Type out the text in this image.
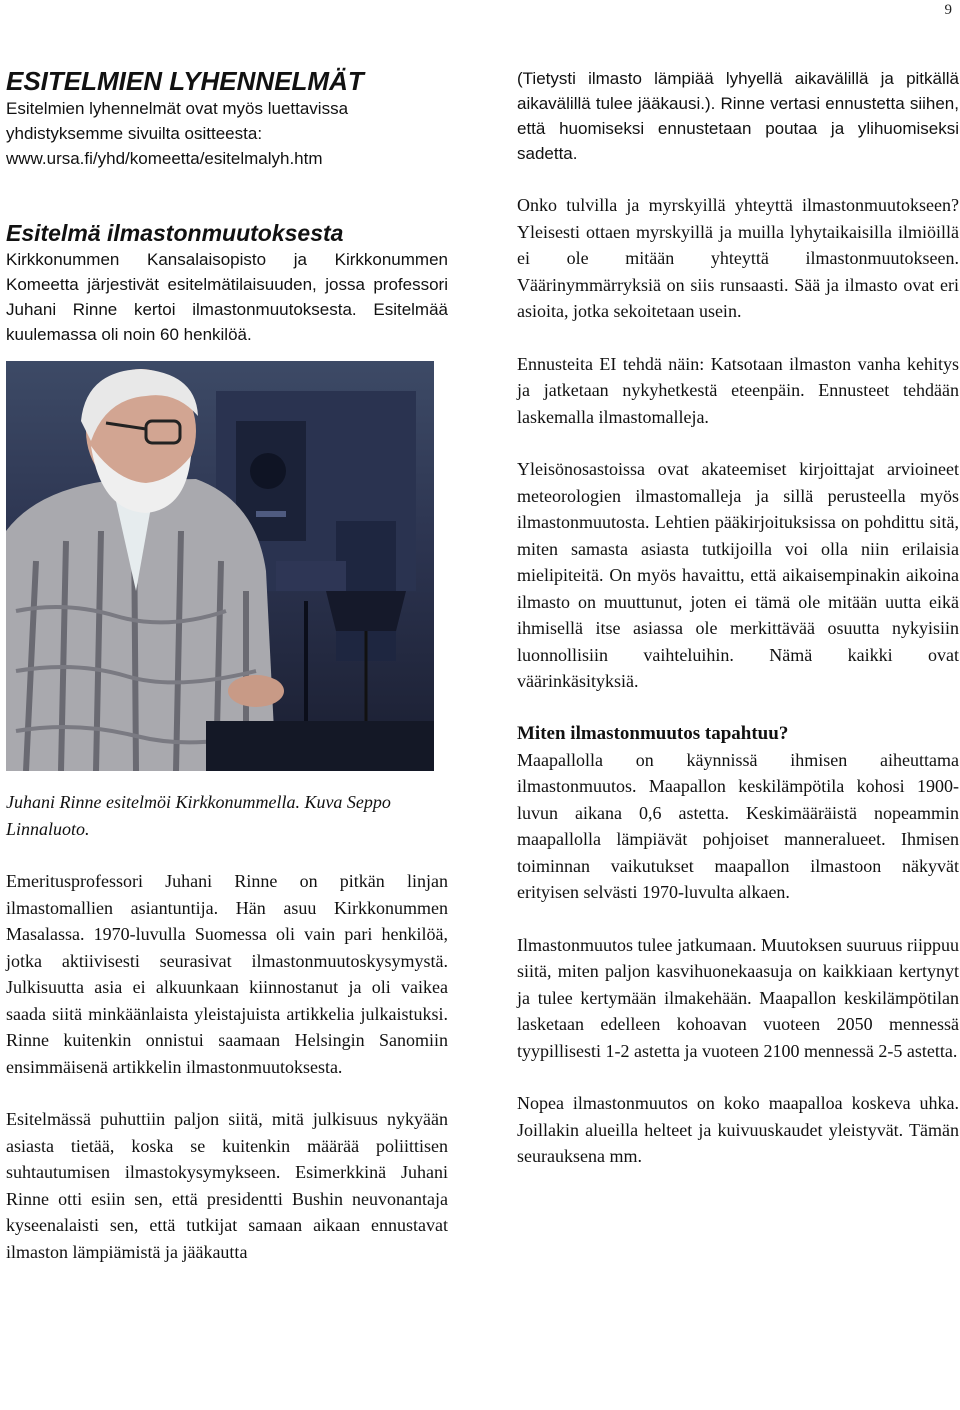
9
ESITELMIEN LYHENNELMÄT

Esitelmien lyhennelmät ovat myös luettavissa

yhdistyksemme sivuilta ositteesta:

www.ursa.fi/yhd/komeetta/esitelmalyh.htm

Esitelmä ilmastonmuutoksesta

Kirkkonummen Kansalaisopisto ja Kirkkonummen Komeetta järjestivät esitelmätilaisuuden, jossa professori Juhani Rinne kertoi ilmastonmuutoksesta. Esitelmää kuulemassa oli noin 60 henkilöä.

Juhani Rinne esitelmöi Kirkkonummella. Kuva Seppo Linnaluoto.

Emeritusprofessori Juhani Rinne on pitkän linjan ilmastomallien asiantuntija. Hän asuu Kirkkonummen Masalassa. 1970-luvulla Suomessa oli vain pari henkilöä, jotka aktiivisesti seurasivat ilmastonmuutoskysymystä. Julkisuutta asia ei alkuunkaan kiinnostanut ja oli vaikea saada siitä minkäänlaista yleistajuista artikkelia julkaistuksi. Rinne kuitenkin onnistui saamaan Helsingin Sanomiin ensimmäisenä artikkelin ilmastonmuutoksesta.

Esitelmässä puhuttiin paljon siitä, mitä julkisuus nykyään asiasta tietää, koska se kuitenkin määrää poliittisen suhtautumisen ilmastokysymykseen. Esimerkkinä Juhani Rinne otti esiin sen, että presidentti Bushin neuvonantaja kyseenalaisti sen, että tutkijat samaan aikaan ennustavat ilmaston lämpiämistä ja jääkautta

(Tietysti ilmasto lämpiää lyhyellä aikavälillä ja pitkällä aikavälillä tulee jääkausi.). Rinne vertasi ennustetta siihen, että huomiseksi ennustetaan poutaa ja ylihuomiseksi sadetta.

Onko tulvilla ja myrskyillä yhteyttä ilmastonmuutokseen? Yleisesti ottaen myrskyillä ja muilla lyhytaikaisilla ilmiöillä ei ole mitään yhteyttä ilmastonmuutokseen. Väärinymmärryksiä on siis runsaasti. Sää ja ilmasto ovat eri asioita, jotka sekoitetaan usein.

Ennusteita EI tehdä näin: Katsotaan ilmaston vanha kehitys ja jatketaan nykyhetkestä eteenpäin. Ennusteet tehdään laskemalla ilmastomalleja.

Yleisönosastoissa ovat akateemiset kirjoittajat arvioineet meteorologien ilmastomalleja ja sillä perusteella myös ilmastonmuutosta. Lehtien pääkirjoituksissa on pohdittu sitä, miten samasta asiasta tutkijoilla voi olla niin erilaisia mielipiteitä. On myös havaittu, että aikaisempinakin aikoina ilmasto on muuttunut, joten ei tämä ole mitään uutta eikä ihmisellä itse asiassa ole merkittävää osuutta nykyisiin luonnollisiin vaihteluihin. Nämä kaikki ovat väärinkäsityksiä.

Miten ilmastonmuutos tapahtuu?

Maapallolla on käynnissä ihmisen aiheuttama ilmastonmuutos. Maapallon keskilämpötila kohosi 1900-luvun aikana 0,6 astetta. Keskimääräistä nopeammin maapallolla lämpiävät pohjoiset manneralueet. Ihmisen toiminnan vaikutukset maapallon ilmastoon näkyvät erityisen selvästi 1970-luvulta alkaen.

Ilmastonmuutos tulee jatkumaan. Muutoksen suuruus riippuu siitä, miten paljon kasvihuonekaasuja on kaikkiaan kertynyt ja tulee kertymään ilmakehään. Maapallon keskilämpötilan lasketaan edelleen kohoavan vuoteen 2050 mennessä tyypillisesti 1-2 astetta ja vuoteen 2100 mennessä 2-5 astetta.

Nopea ilmastonmuutos on koko maapalloa koskeva uhka. Joillakin alueilla helteet ja kuivuuskaudet yleistyvät. Tämän seurauksena mm.
